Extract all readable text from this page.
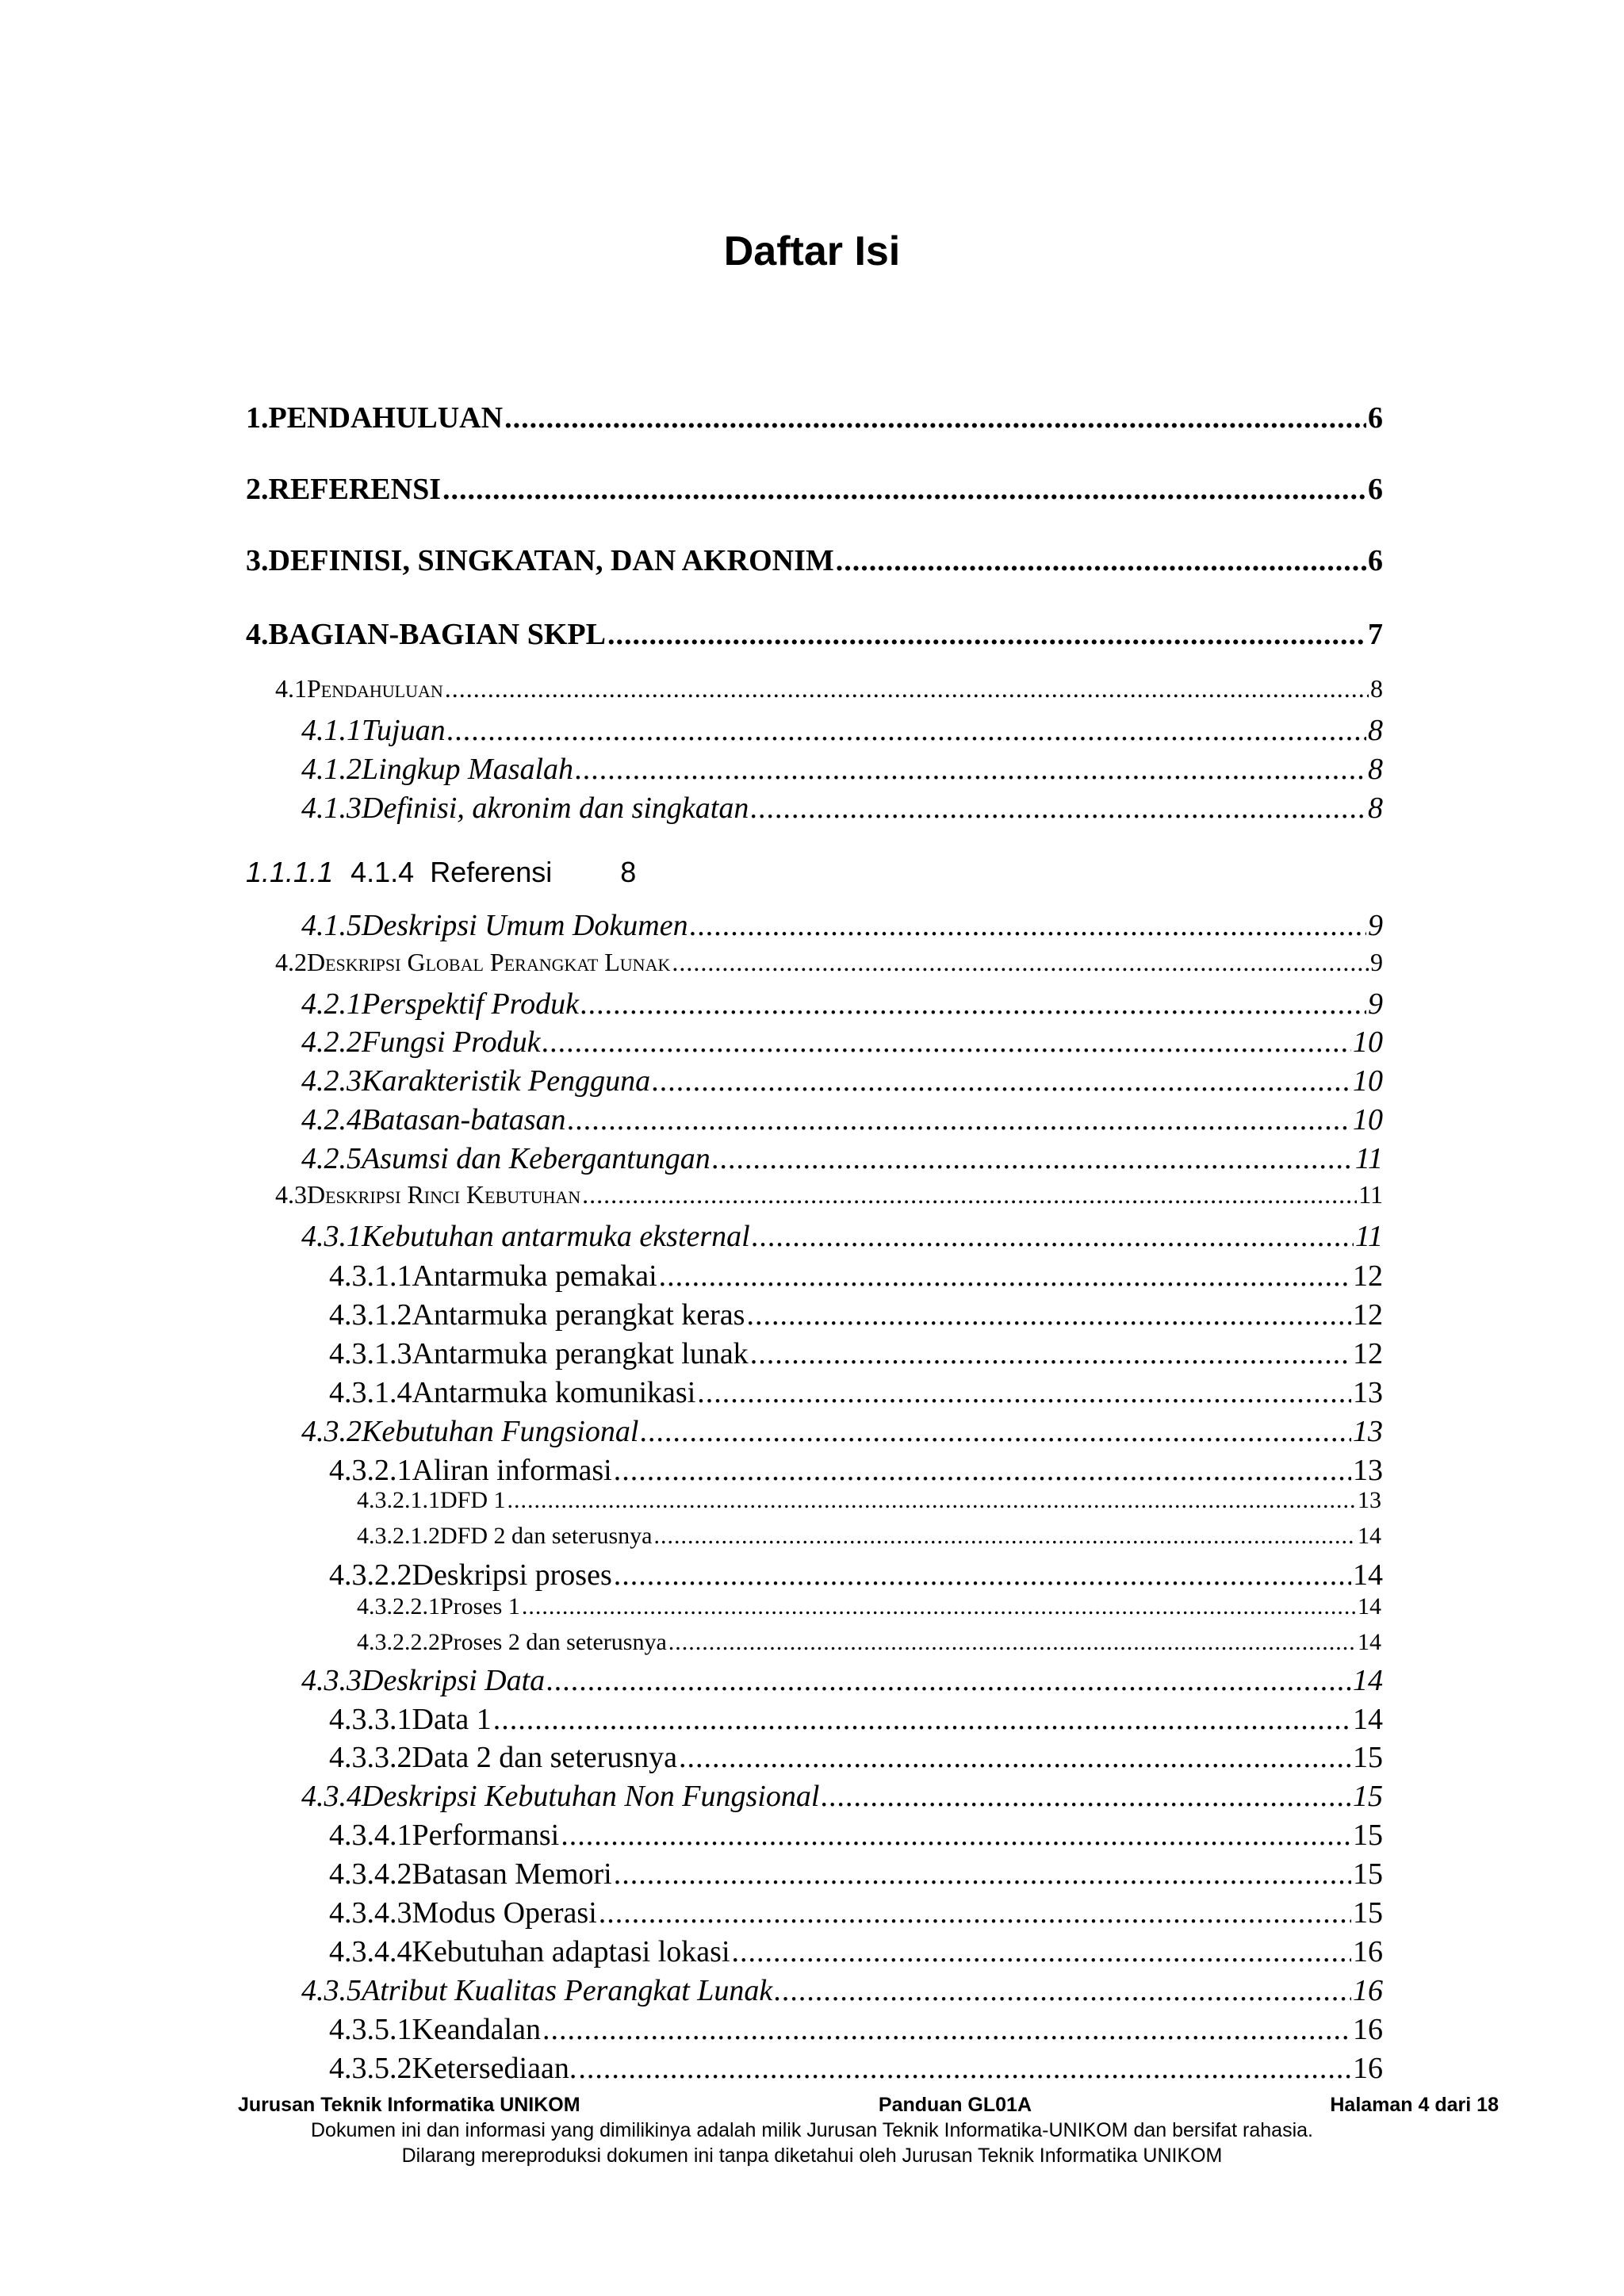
Daftar Isi
1. PENDAHULUAN .....	6
2. REFERENSI .....	6
3. DEFINISI, SINGKATAN, DAN AKRONIM .....	6
4. BAGIAN-BAGIAN SKPL .....	7
4.1 Pendahuluan .....	8
4.1.1 Tujuan .....	8
4.1.2 Lingkup Masalah .....	8
4.1.3 Definisi, akronim dan singkatan .....	8
4.1.5 Deskripsi Umum Dokumen .....	9
4.2 Deskripsi Global Perangkat Lunak .....	9
4.2.1 Perspektif Produk .....	9
4.2.2 Fungsi Produk .....	10
4.2.3 Karakteristik Pengguna .....	10
4.2.4 Batasan-batasan .....	10
4.2.5 Asumsi dan Kebergantungan .....	11
4.3 Deskripsi Rinci Kebutuhan .....	11
4.3.1 Kebutuhan antarmuka eksternal .....	11
4.3.1.1 Antarmuka pemakai .....	12
4.3.1.2 Antarmuka perangkat keras .....	12
4.3.1.3 Antarmuka perangkat lunak .....	12
4.3.1.4 Antarmuka komunikasi .....	13
4.3.2 Kebutuhan Fungsional .....	13
4.3.2.1 Aliran informasi .....	13
4.3.2.1.1 DFD 1 .....	13
4.3.2.1.2 DFD 2 dan seterusnya .....	14
4.3.2.2 Deskripsi proses .....	14
4.3.2.2.1 Proses 1 .....	14
4.3.2.2.2 Proses 2 dan seterusnya .....	14
4.3.3 Deskripsi Data .....	14
4.3.3.1 Data 1 .....	14
4.3.3.2 Data 2 dan seterusnya .....	15
4.3.4 Deskripsi Kebutuhan Non Fungsional .....	15
4.3.4.1 Performansi .....	15
4.3.4.2 Batasan Memori .....	15
4.3.4.3 Modus Operasi .....	15
4.3.4.4 Kebutuhan adaptasi lokasi .....	16
4.3.5 Atribut Kualitas Perangkat Lunak .....	16
4.3.5.1 Keandalan .....	16
4.3.5.2 Ketersediaan. .....	16
1.1.1.1 4.1.4 Referensi 8
Jurusan Teknik Informatika UNIKOM	Panduan GL01A	Halaman 4 dari 18
Dokumen ini dan informasi yang dimilikinya adalah milik Jurusan Teknik Informatika-UNIKOM dan bersifat rahasia.
Dilarang mereproduksi dokumen ini tanpa diketahui oleh Jurusan Teknik Informatika UNIKOM
